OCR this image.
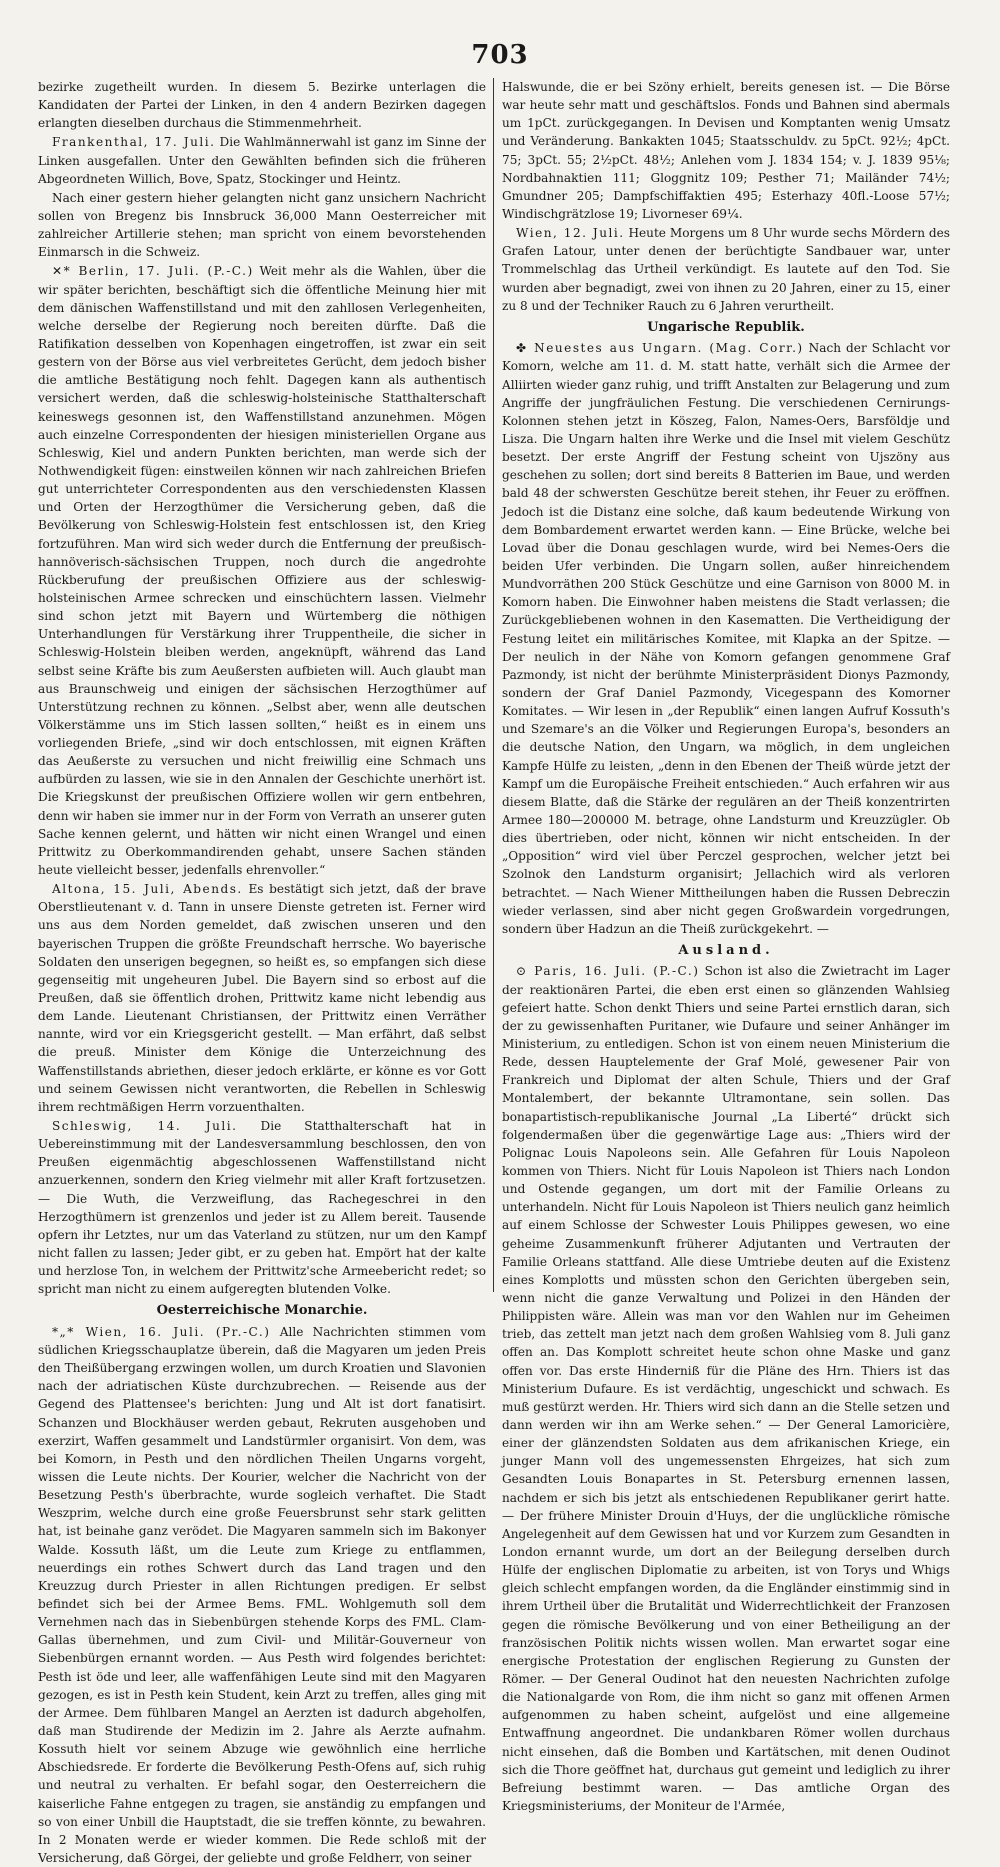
703

bezirke zugetheilt wurden. In diesem 5. Bezirke unterlagen die Kandidaten der Partei der Linken, in den 4 andern Bezirken dagegen erlangten dieselben durchaus die Stimmenmehrheit.

Frankenthal, 17. Juli. Die Wahlmännerwahl ist ganz im Sinne der Linken ausgefallen. Unter den Gewählten befinden sich die früheren Abgeordneten Willich, Bove, Spatz, Stockinger und Heintz.

Nach einer gestern hieher gelangten nicht ganz unsichern Nachricht sollen von Bregenz bis Innsbruck 36,000 Mann Oesterreicher mit zahlreicher Artillerie stehen; man spricht von einem bevorstehenden Einmarsch in die Schweiz.

✕* Berlin, 17. Juli. (P.-C.) Weit mehr als die Wahlen, über die wir später berichten, beschäftigt sich die öffentliche Meinung hier mit dem dänischen Waffenstillstand und mit den zahllosen Verlegenheiten, welche derselbe der Regierung noch bereiten dürfte. Daß die Ratifikation desselben von Kopenhagen eingetroffen, ist zwar ein seit gestern von der Börse aus viel verbreitetes Gerücht, dem jedoch bisher die amtliche Bestätigung noch fehlt. Dagegen kann als authentisch versichert werden, daß die schleswig-holsteinische Statthalterschaft keineswegs gesonnen ist, den Waffenstillstand anzunehmen. Mögen auch einzelne Correspondenten der hiesigen ministeriellen Organe aus Schleswig, Kiel und andern Punkten berichten, man werde sich der Nothwendigkeit fügen: einstweilen können wir nach zahlreichen Briefen gut unterrichteter Correspondenten aus den verschiedensten Klassen und Orten der Herzogthümer die Versicherung geben, daß die Bevölkerung von Schleswig-Holstein fest entschlossen ist, den Krieg fortzuführen. Man wird sich weder durch die Entfernung der preußisch-hannöverisch-sächsischen Truppen, noch durch die angedrohte Rückberufung der preußischen Offiziere aus der schleswig-holsteinischen Armee schrecken und einschüchtern lassen. Vielmehr sind schon jetzt mit Bayern und Würtemberg die nöthigen Unterhandlungen für Verstärkung ihrer Truppentheile, die sicher in Schleswig-Holstein bleiben werden, angeknüpft, während das Land selbst seine Kräfte bis zum Aeußersten aufbieten will. Auch glaubt man aus Braunschweig und einigen der sächsischen Herzogthümer auf Unterstützung rechnen zu können. „Selbst aber, wenn alle deutschen Völkerstämme uns im Stich lassen sollten,“ heißt es in einem uns vorliegenden Briefe, „sind wir doch entschlossen, mit eignen Kräften das Aeußerste zu versuchen und nicht freiwillig eine Schmach uns aufbürden zu lassen, wie sie in den Annalen der Geschichte unerhört ist. Die Kriegskunst der preußischen Offiziere wollen wir gern entbehren, denn wir haben sie immer nur in der Form von Verrath an unserer guten Sache kennen gelernt, und hätten wir nicht einen Wrangel und einen Prittwitz zu Oberkommandirenden gehabt, unsere Sachen ständen heute vielleicht besser, jedenfalls ehrenvoller.“

Altona, 15. Juli, Abends. Es bestätigt sich jetzt, daß der brave Oberstlieutenant v. d. Tann in unsere Dienste getreten ist. Ferner wird uns aus dem Norden gemeldet, daß zwischen unseren und den bayerischen Truppen die größte Freundschaft herrsche. Wo bayerische Soldaten den unserigen begegnen, so heißt es, so empfangen sich diese gegenseitig mit ungeheuren Jubel. Die Bayern sind so erbost auf die Preußen, daß sie öffentlich drohen, Prittwitz kame nicht lebendig aus dem Lande. Lieutenant Christiansen, der Prittwitz einen Verräther nannte, wird vor ein Kriegsgericht gestellt. — Man erfährt, daß selbst die preuß. Minister dem Könige die Unterzeichnung des Waffenstillstands abriethen, dieser jedoch erklärte, er könne es vor Gott und seinem Gewissen nicht verantworten, die Rebellen in Schleswig ihrem rechtmäßigen Herrn vorzuenthalten.

Schleswig, 14. Juli. Die Statthalterschaft hat in Uebereinstimmung mit der Landesversammlung beschlossen, den von Preußen eigenmächtig abgeschlossenen Waffenstillstand nicht anzuerkennen, sondern den Krieg vielmehr mit aller Kraft fortzusetzen. — Die Wuth, die Verzweiflung, das Rachegeschrei in den Herzogthümern ist grenzenlos und jeder ist zu Allem bereit. Tausende opfern ihr Letztes, nur um das Vaterland zu stützen, nur um den Kampf nicht fallen zu lassen; Jeder gibt, er zu geben hat. Empört hat der kalte und herzlose Ton, in welchem der Prittwitz'sche Armeebericht redet; so spricht man nicht zu einem aufgeregten blutenden Volke.

Oesterreichische Monarchie.

*„* Wien, 16. Juli. (Pr.-C.) Alle Nachrichten stimmen vom südlichen Kriegsschauplatze überein, daß die Magyaren um jeden Preis den Theißübergang erzwingen wollen, um durch Kroatien und Slavonien nach der adriatischen Küste durchzubrechen. — Reisende aus der Gegend des Plattensee's berichten: Jung und Alt ist dort fanatisirt. Schanzen und Blockhäuser werden gebaut, Rekruten ausgehoben und exerzirt, Waffen gesammelt und Landstürmler organisirt. Von dem, was bei Komorn, in Pesth und den nördlichen Theilen Ungarns vorgeht, wissen die Leute nichts. Der Kourier, welcher die Nachricht von der Besetzung Pesth's überbrachte, wurde sogleich verhaftet. Die Stadt Weszprim, welche durch eine große Feuersbrunst sehr stark gelitten hat, ist beinahe ganz verödet. Die Magyaren sammeln sich im Bakonyer Walde. Kossuth läßt, um die Leute zum Kriege zu entflammen, neuerdings ein rothes Schwert durch das Land tragen und den Kreuzzug durch Priester in allen Richtungen predigen. Er selbst befindet sich bei der Armee Bems. FML. Wohlgemuth soll dem Vernehmen nach das in Siebenbürgen stehende Korps des FML. Clam-Gallas übernehmen, und zum Civil- und Militär-Gouverneur von Siebenbürgen ernannt worden. — Aus Pesth wird folgendes berichtet: Pesth ist öde und leer, alle waffenfähigen Leute sind mit den Magyaren gezogen, es ist in Pesth kein Student, kein Arzt zu treffen, alles ging mit der Armee. Dem fühlbaren Mangel an Aerzten ist dadurch abgeholfen, daß man Studirende der Medizin im 2. Jahre als Aerzte aufnahm. Kossuth hielt vor seinem Abzuge wie gewöhnlich eine herrliche Abschiedsrede. Er forderte die Bevölkerung Pesth-Ofens auf, sich ruhig und neutral zu verhalten. Er befahl sogar, den Oesterreichern die kaiserliche Fahne entgegen zu tragen, sie anständig zu empfangen und so von einer Unbill die Hauptstadt, die sie treffen könnte, zu bewahren. In 2 Monaten werde er wieder kommen. Die Rede schloß mit der Versicherung, daß Görgei, der geliebte und große Feldherr, von seiner

Halswunde, die er bei Szöny erhielt, bereits genesen ist. — Die Börse war heute sehr matt und geschäftslos. Fonds und Bahnen sind abermals um 1pCt. zurückgegangen. In Devisen und Komptanten wenig Umsatz und Veränderung. Bankakten 1045; Staatsschuldv. zu 5pCt. 92½; 4pCt. 75; 3pCt. 55; 2½pCt. 48½; Anlehen vom J. 1834 154; v. J. 1839 95⅛; Nordbahnaktien 111; Gloggnitz 109; Pesther 71; Mailänder 74½; Gmundner 205; Dampfschiffaktien 495; Esterhazy 40fl.-Loose 57½; Windischgrätzlose 19; Livorneser 69¼.

Wien, 12. Juli. Heute Morgens um 8 Uhr wurde sechs Mördern des Grafen Latour, unter denen der berüchtigte Sandbauer war, unter Trommelschlag das Urtheil verkündigt. Es lautete auf den Tod. Sie wurden aber begnadigt, zwei von ihnen zu 20 Jahren, einer zu 15, einer zu 8 und der Techniker Rauch zu 6 Jahren verurtheilt.

Ungarische Republik.

✤ Neuestes aus Ungarn. (Mag. Corr.) Nach der Schlacht vor Komorn, welche am 11. d. M. statt hatte, verhält sich die Armee der Alliirten wieder ganz ruhig, und trifft Anstalten zur Belagerung und zum Angriffe der jungfräulichen Festung. Die verschiedenen Cernirungs-Kolonnen stehen jetzt in Köszeg, Falon, Names-Oers, Barsföldje und Lisza. Die Ungarn halten ihre Werke und die Insel mit vielem Geschütz besetzt. Der erste Angriff der Festung scheint von Ujszöny aus geschehen zu sollen; dort sind bereits 8 Batterien im Baue, und werden bald 48 der schwersten Geschütze bereit stehen, ihr Feuer zu eröffnen. Jedoch ist die Distanz eine solche, daß kaum bedeutende Wirkung von dem Bombardement erwartet werden kann. — Eine Brücke, welche bei Lovad über die Donau geschlagen wurde, wird bei Nemes-Oers die beiden Ufer verbinden. Die Ungarn sollen, außer hinreichendem Mundvorräthen 200 Stück Geschütze und eine Garnison von 8000 M. in Komorn haben. Die Einwohner haben meistens die Stadt verlassen; die Zurückgebliebenen wohnen in den Kasematten. Die Vertheidigung der Festung leitet ein militärisches Komitee, mit Klapka an der Spitze. — Der neulich in der Nähe von Komorn gefangen genommene Graf Pazmondy, ist nicht der berühmte Ministerpräsident Dionys Pazmondy, sondern der Graf Daniel Pazmondy, Vicegespann des Komorner Komitates. — Wir lesen in „der Republik“ einen langen Aufruf Kossuth's und Szemare's an die Völker und Regierungen Europa's, besonders an die deutsche Nation, den Ungarn, wa möglich, in dem ungleichen Kampfe Hülfe zu leisten, „denn in den Ebenen der Theiß würde jetzt der Kampf um die Europäische Freiheit entschieden.“ Auch erfahren wir aus diesem Blatte, daß die Stärke der regulären an der Theiß konzentrirten Armee 180—200000 M. betrage, ohne Landsturm und Kreuzzügler. Ob dies übertrieben, oder nicht, können wir nicht entscheiden. In der „Opposition“ wird viel über Perczel gesprochen, welcher jetzt bei Szolnok den Landsturm organisirt; Jellachich wird als verloren betrachtet. — Nach Wiener Mittheilungen haben die Russen Debreczin wieder verlassen, sind aber nicht gegen Großwardein vorgedrungen, sondern über Hadzun an die Theiß zurückgekehrt. —

Ausland.

⊙ Paris, 16. Juli. (P.-C.) Schon ist also die Zwietracht im Lager der reaktionären Partei, die eben erst einen so glänzenden Wahlsieg gefeiert hatte. Schon denkt Thiers und seine Partei ernstlich daran, sich der zu gewissenhaften Puritaner, wie Dufaure und seiner Anhänger im Ministerium, zu entledigen. Schon ist von einem neuen Ministerium die Rede, dessen Hauptelemente der Graf Molé, gewesener Pair von Frankreich und Diplomat der alten Schule, Thiers und der Graf Montalembert, der bekannte Ultramontane, sein sollen. Das bonapartistisch-republikanische Journal „La Liberté“ drückt sich folgendermaßen über die gegenwärtige Lage aus: „Thiers wird der Polignac Louis Napoleons sein. Alle Gefahren für Louis Napoleon kommen von Thiers. Nicht für Louis Napoleon ist Thiers nach London und Ostende gegangen, um dort mit der Familie Orleans zu unterhandeln. Nicht für Louis Napoleon ist Thiers neulich ganz heimlich auf einem Schlosse der Schwester Louis Philippes gewesen, wo eine geheime Zusammenkunft früherer Adjutanten und Vertrauten der Familie Orleans stattfand. Alle diese Umtriebe deuten auf die Existenz eines Komplotts und müssten schon den Gerichten übergeben sein, wenn nicht die ganze Verwaltung und Polizei in den Händen der Philippisten wäre. Allein was man vor den Wahlen nur im Geheimen trieb, das zettelt man jetzt nach dem großen Wahlsieg vom 8. Juli ganz offen an. Das Komplott schreitet heute schon ohne Maske und ganz offen vor. Das erste Hinderniß für die Pläne des Hrn. Thiers ist das Ministerium Dufaure. Es ist verdächtig, ungeschickt und schwach. Es muß gestürzt werden. Hr. Thiers wird sich dann an die Stelle setzen und dann werden wir ihn am Werke sehen.“ — Der General Lamoricière, einer der glänzendsten Soldaten aus dem afrikanischen Kriege, ein junger Mann voll des ungemessensten Ehrgeizes, hat sich zum Gesandten Louis Bonapartes in St. Petersburg ernennen lassen, nachdem er sich bis jetzt als entschiedenen Republikaner gerirt hatte. — Der frühere Minister Drouin d'Huys, der die unglückliche römische Angelegenheit auf dem Gewissen hat und vor Kurzem zum Gesandten in London ernannt wurde, um dort an der Beilegung derselben durch Hülfe der englischen Diplomatie zu arbeiten, ist von Torys und Whigs gleich schlecht empfangen worden, da die Engländer einstimmig sind in ihrem Urtheil über die Brutalität und Widerrechtlichkeit der Franzosen gegen die römische Bevölkerung und von einer Betheiligung an der französischen Politik nichts wissen wollen. Man erwartet sogar eine energische Protestation der englischen Regierung zu Gunsten der Römer. — Der General Oudinot hat den neuesten Nachrichten zufolge die Nationalgarde von Rom, die ihm nicht so ganz mit offenen Armen aufgenommen zu haben scheint, aufgelöst und eine allgemeine Entwaffnung angeordnet. Die undankbaren Römer wollen durchaus nicht einsehen, daß die Bomben und Kartätschen, mit denen Oudinot sich die Thore geöffnet hat, durchaus gut gemeint und lediglich zu ihrer Befreiung bestimmt waren. — Das amtliche Organ des Kriegsministeriums, der Moniteur de l'Armée,
